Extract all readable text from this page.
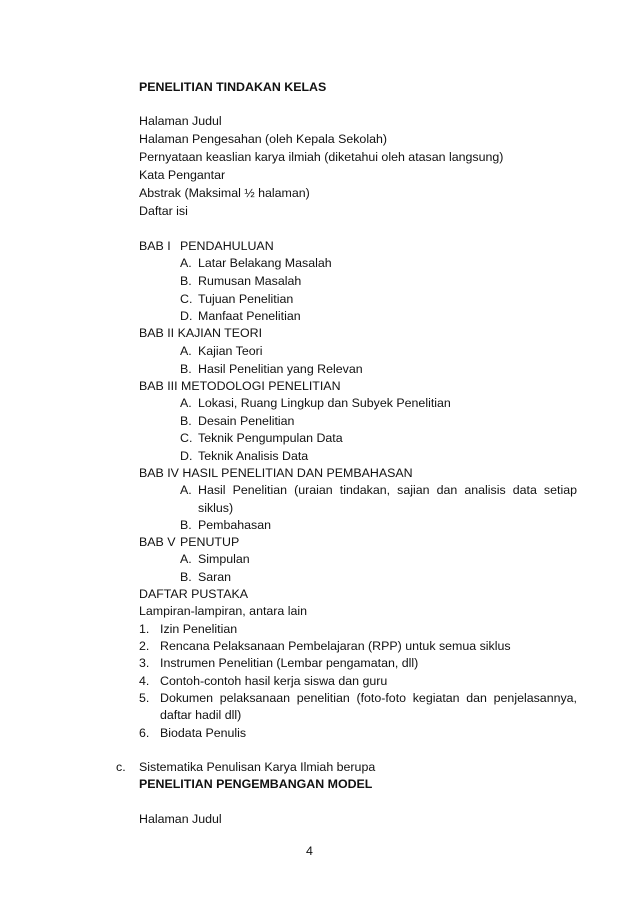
PENELITIAN TINDAKAN KELAS
Halaman Judul
Halaman Pengesahan (oleh Kepala Sekolah)
Pernyataan keaslian karya ilmiah (diketahui oleh atasan langsung)
Kata Pengantar
Abstrak (Maksimal ½ halaman)
Daftar isi
BAB I PENDAHULUAN
A. Latar Belakang Masalah
B. Rumusan Masalah
C. Tujuan Penelitian
D. Manfaat Penelitian
BAB II KAJIAN TEORI
A. Kajian Teori
B. Hasil Penelitian yang Relevan
BAB III METODOLOGI PENELITIAN
A. Lokasi, Ruang Lingkup dan Subyek Penelitian
B. Desain Penelitian
C. Teknik Pengumpulan Data
D. Teknik Analisis Data
BAB IV HASIL PENELITIAN DAN PEMBAHASAN
A. Hasil Penelitian (uraian tindakan, sajian dan analisis data setiap
siklus)
B. Pembahasan
BAB V PENUTUP
A. Simpulan
B. Saran
DAFTAR PUSTAKA
Lampiran-lampiran, antara lain
1. Izin Penelitian
2. Rencana Pelaksanaan Pembelajaran (RPP) untuk semua siklus
3. Instrumen Penelitian (Lembar pengamatan, dll)
4. Contoh-contoh hasil kerja siswa dan guru
5. Dokumen pelaksanaan penelitian (foto-foto kegiatan dan penjelasannya,
daftar hadil dll)
6. Biodata Penulis
c. Sistematika Penulisan Karya Ilmiah berupa
PENELITIAN PENGEMBANGAN MODEL
Halaman Judul
4
